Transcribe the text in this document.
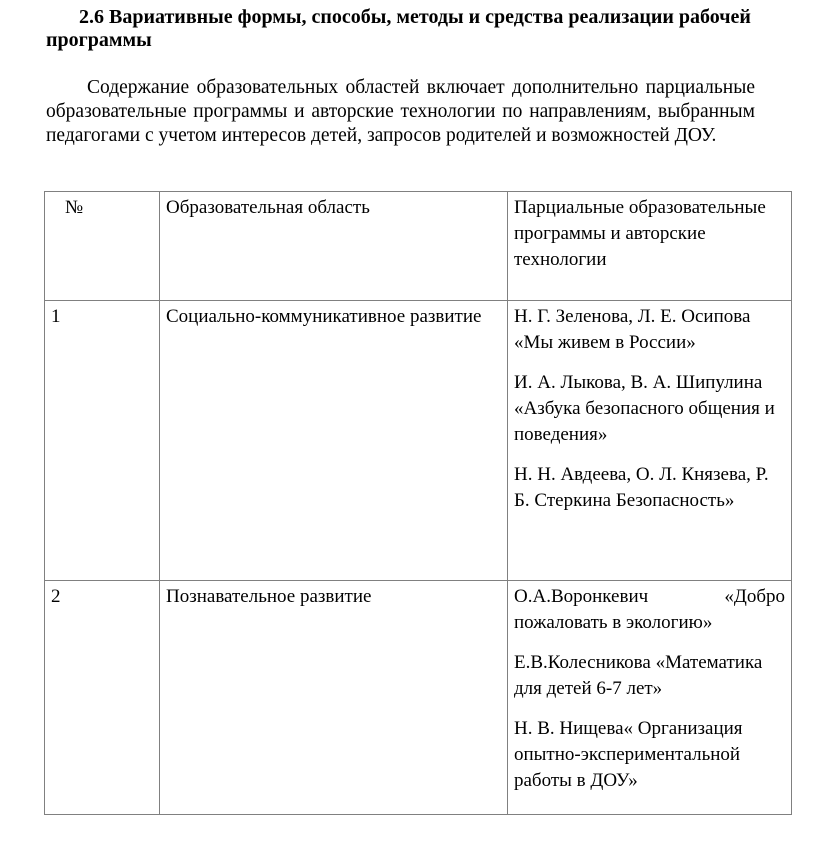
2.6 Вариативные формы, способы, методы и средства реализации рабочей программы

Содержание образовательных областей включает дополнительно парциальные образовательные программы и авторские технологии по направлениям, выбранным педагогами с учетом интересов детей, запросов родителей и возможностей ДОУ.

№	Образовательная область	Парциальные образовательные программы и авторские технологии
1	Социально-коммуникативное развитие	Н. Г. Зеленова, Л. Е. Осипова «Мы живем в России»
И. А. Лыкова, В. А. Шипулина «Азбука безопасного общения и поведения»
Н. Н. Авдеева, О. Л. Князева, Р. Б. Стеркина Безопасность»

2	Познавательное развитие	О.А.Воронкевич «Добро
пожаловать в экологию»
Е.В.Колесникова «Математика для детей 6-7 лет»
Н. В. Нищева« Организация опытно-экспериментальной работы в ДОУ»
